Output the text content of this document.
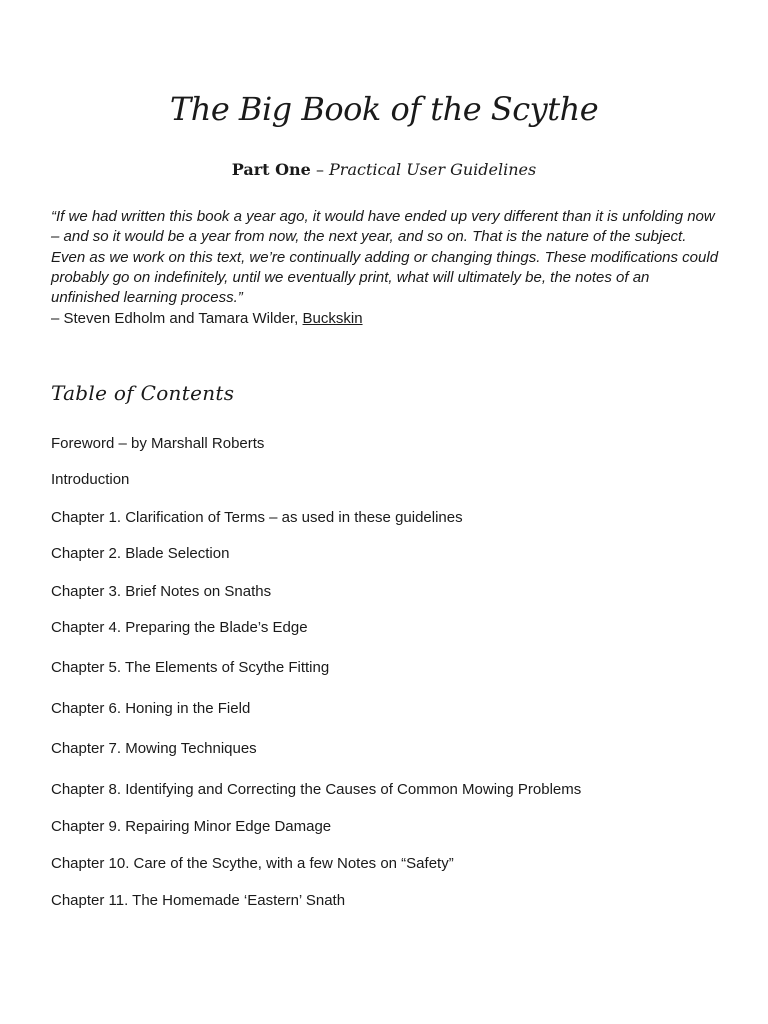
The Big Book of the Scythe
Part One – Practical User Guidelines
“If we had written this book a year ago, it would have ended up very different than it is unfolding now – and so it would be a year from now, the next year, and so on. That is the nature of the subject. Even as we work on this text, we’re continually adding or changing things. These modifications could probably go on indefinitely, until we eventually print, what will ultimately be, the notes of an unfinished learning process.”
– Steven Edholm and Tamara Wilder, Buckskin
Table of Contents
Foreword – by Marshall Roberts
Introduction
Chapter 1. Clarification of Terms – as used in these guidelines
Chapter 2. Blade Selection
Chapter 3. Brief Notes on Snaths
Chapter 4. Preparing the Blade’s Edge
Chapter 5. The Elements of Scythe Fitting
Chapter 6. Honing in the Field
Chapter 7. Mowing Techniques
Chapter 8. Identifying and Correcting the Causes of Common Mowing Problems
Chapter 9. Repairing Minor Edge Damage
Chapter 10. Care of the Scythe, with a few Notes on “Safety”
Chapter 11. The Homemade ‘Eastern’ Snath
